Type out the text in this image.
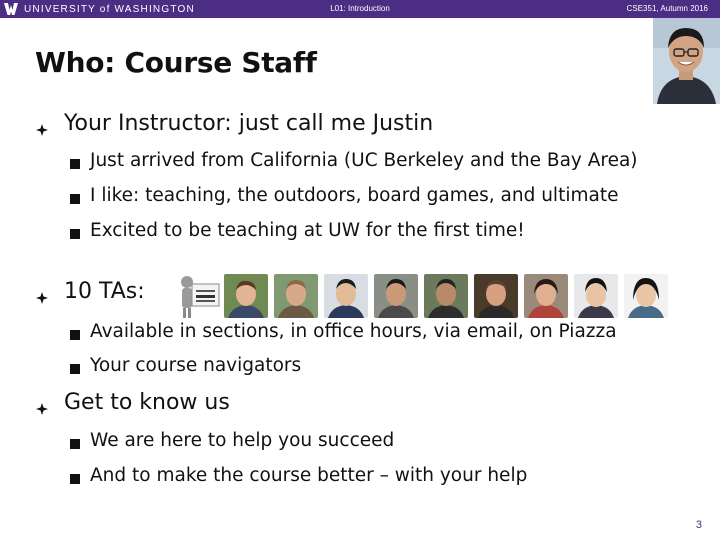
UNIVERSITY of WASHINGTON	L01: Introduction	CSE351, Autumn 2016
Who: Course Staff
Your Instructor: just call me Justin
Just arrived from California (UC Berkeley and the Bay Area)
I like: teaching, the outdoors, board games, and ultimate
Excited to be teaching at UW for the first time!
10 TAs:
Available in sections, in office hours, via email, on Piazza
Your course navigators
Get to know us
We are here to help you succeed
And to make the course better – with your help
3
